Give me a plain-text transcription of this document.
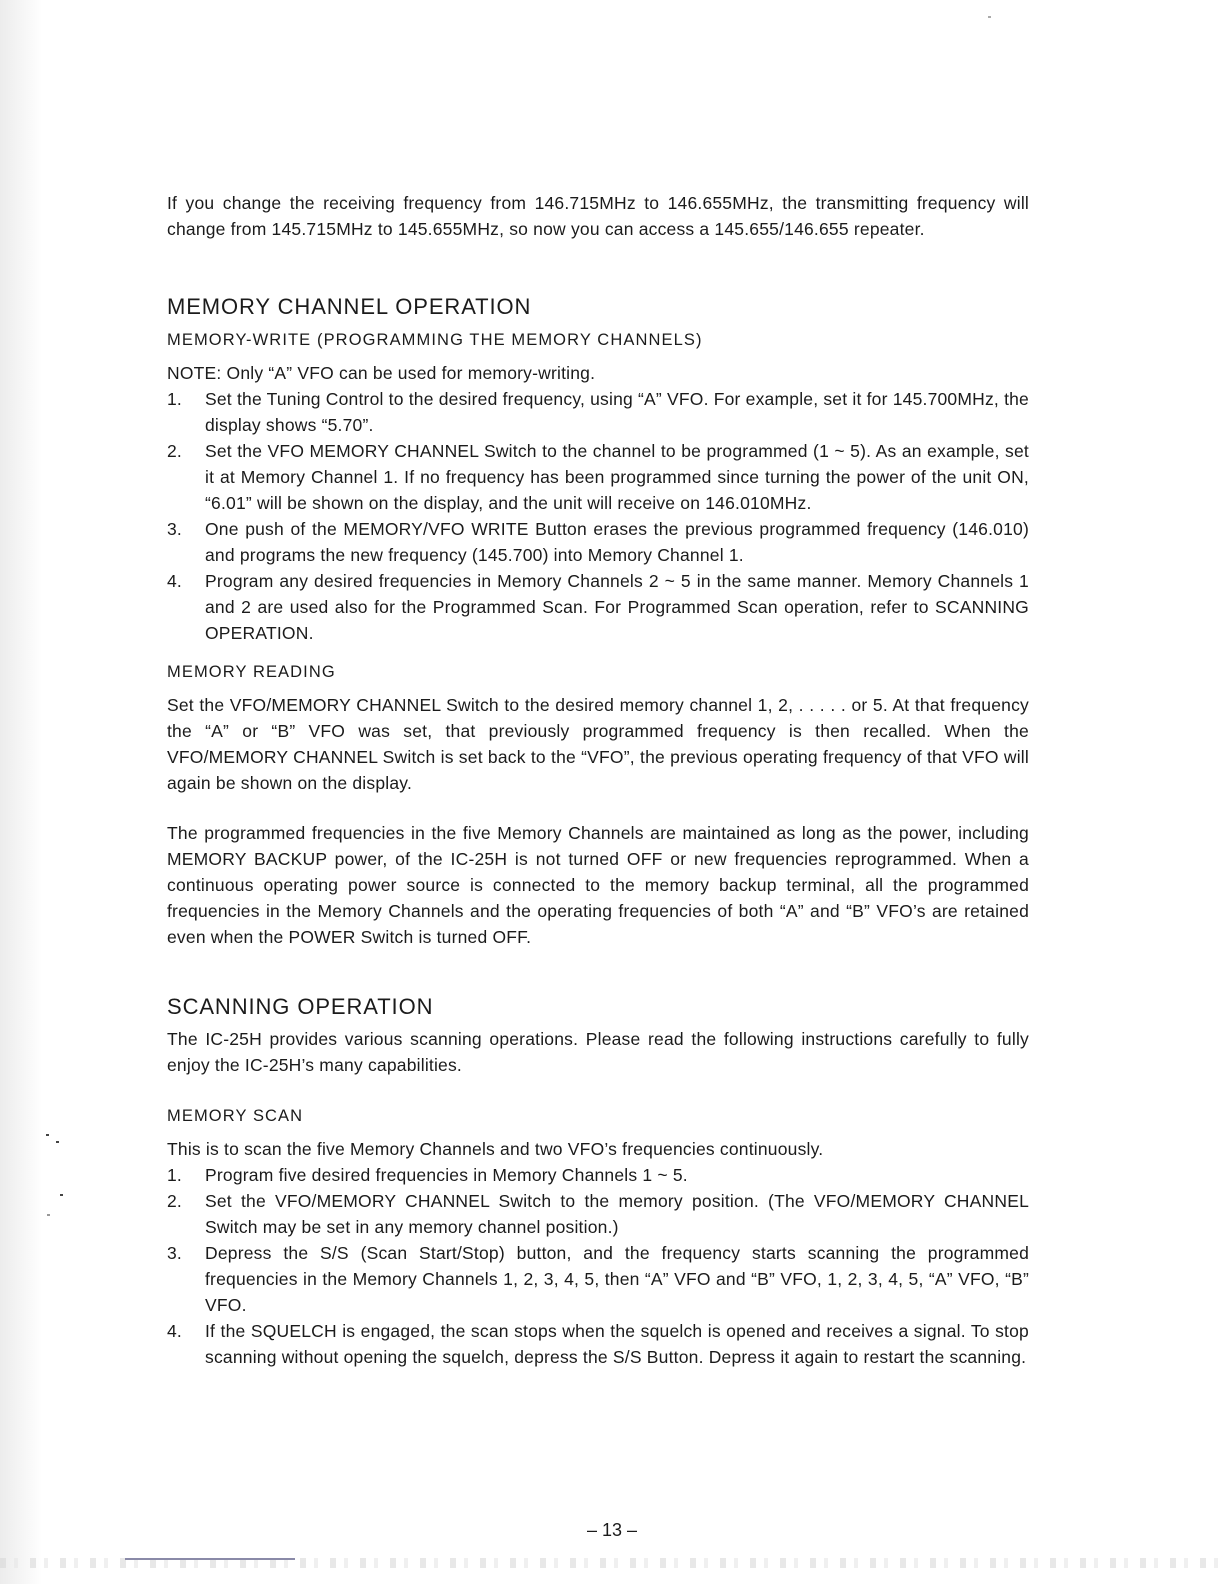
If you change the receiving frequency from 146.715MHz to 146.655MHz, the transmitting frequency will change from 145.715MHz to 145.655MHz, so now you can access a 145.655/146.655 repeater.

MEMORY CHANNEL OPERATION
MEMORY-WRITE (PROGRAMMING THE MEMORY CHANNELS)

NOTE: Only “A” VFO can be used for memory-writing.

1. Set the Tuning Control to the desired frequency, using “A” VFO. For example, set it for 145.700MHz, the display shows “5.70”.
2. Set the VFO MEMORY CHANNEL Switch to the channel to be programmed (1 ~ 5). As an example, set it at Memory Channel 1. If no frequency has been programmed since turning the power of the unit ON, “6.01” will be shown on the display, and the unit will receive on 146.010MHz.
3. One push of the MEMORY/VFO WRITE Button erases the previous programmed frequency (146.010) and programs the new frequency (145.700) into Memory Channel 1.
4. Program any desired frequencies in Memory Channels 2 ~ 5 in the same manner. Memory Channels 1 and 2 are used also for the Programmed Scan. For Programmed Scan operation, refer to SCANNING OPERATION.
MEMORY READING

Set the VFO/MEMORY CHANNEL Switch to the desired memory channel 1, 2, . . . . . or 5. At that frequency the “A” or “B” VFO was set, that previously programmed frequency is then recalled. When the VFO/MEMORY CHANNEL Switch is set back to the “VFO”, the previous operating frequency of that VFO will again be shown on the display.

The programmed frequencies in the five Memory Channels are maintained as long as the power, including MEMORY BACKUP power, of the IC-25H is not turned OFF or new frequencies reprogrammed. When a continuous operating power source is connected to the memory backup terminal, all the programmed frequencies in the Memory Channels and the operating frequencies of both “A” and “B” VFO’s are retained even when the POWER Switch is turned OFF.

SCANNING OPERATION

The IC-25H provides various scanning operations. Please read the following instructions carefully to fully enjoy the IC-25H’s many capabilities.

MEMORY SCAN

This is to scan the five Memory Channels and two VFO’s frequencies continuously.

1. Program five desired frequencies in Memory Channels 1 ~ 5.
2. Set the VFO/MEMORY CHANNEL Switch to the memory position. (The VFO/MEMORY CHANNEL Switch may be set in any memory channel position.)
3. Depress the S/S (Scan Start/Stop) button, and the frequency starts scanning the programmed frequencies in the Memory Channels 1, 2, 3, 4, 5, then “A” VFO and “B” VFO, 1, 2, 3, 4, 5, “A” VFO, “B” VFO.
4. If the SQUELCH is engaged, the scan stops when the squelch is opened and receives a signal. To stop scanning without opening the squelch, depress the S/S Button. Depress it again to restart the scanning.
– 13 –
